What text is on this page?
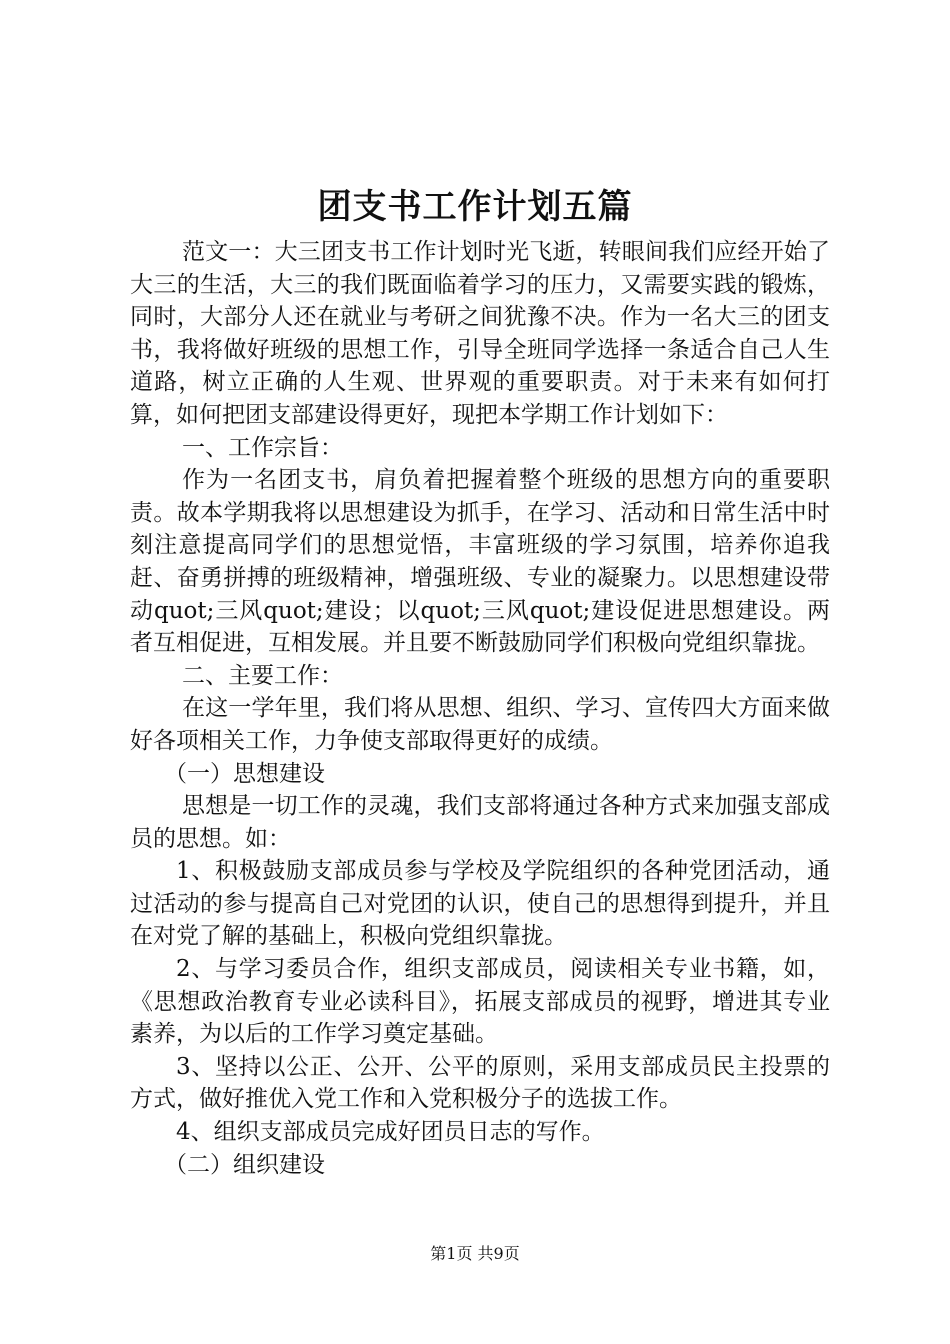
团支书工作计划五篇

范文一：大三团支书工作计划时光飞逝，转眼间我们应经开始了大三的生活，大三的我们既面临着学习的压力，又需要实践的锻炼，同时，大部分人还在就业与考研之间犹豫不决。作为一名大三的团支书，我将做好班级的思想工作，引导全班同学选择一条适合自己人生道路，树立正确的人生观、世界观的重要职责。对于未来有如何打算，如何把团支部建设得更好，现把本学期工作计划如下：

一、工作宗旨：

作为一名团支书，肩负着把握着整个班级的思想方向的重要职责。故本学期我将以思想建设为抓手，在学习、活动和日常生活中时刻注意提高同学们的思想觉悟，丰富班级的学习氛围，培养你追我赶、奋勇拼搏的班级精神，增强班级、专业的凝聚力。以思想建设带动quot;三风quot;建设；以quot;三风quot;建设促进思想建设。两者互相促进，互相发展。并且要不断鼓励同学们积极向党组织靠拢。

二、主要工作：

在这一学年里，我们将从思想、组织、学习、宣传四大方面来做好各项相关工作，力争使支部取得更好的成绩。

（一）思想建设

思想是一切工作的灵魂，我们支部将通过各种方式来加强支部成员的思想。如：

1、积极鼓励支部成员参与学校及学院组织的各种党团活动，通过活动的参与提高自己对党团的认识，使自己的思想得到提升，并且在对党了解的基础上，积极向党组织靠拢。

2、与学习委员合作，组织支部成员，阅读相关专业书籍，如，《思想政治教育专业必读科目》，拓展支部成员的视野，增进其专业素养，为以后的工作学习奠定基础。

3、坚持以公正、公开、公平的原则，采用支部成员民主投票的方式，做好推优入党工作和入党积极分子的选拔工作。

4、组织支部成员完成好团员日志的写作。

（二）组织建设

第1页 共9页
